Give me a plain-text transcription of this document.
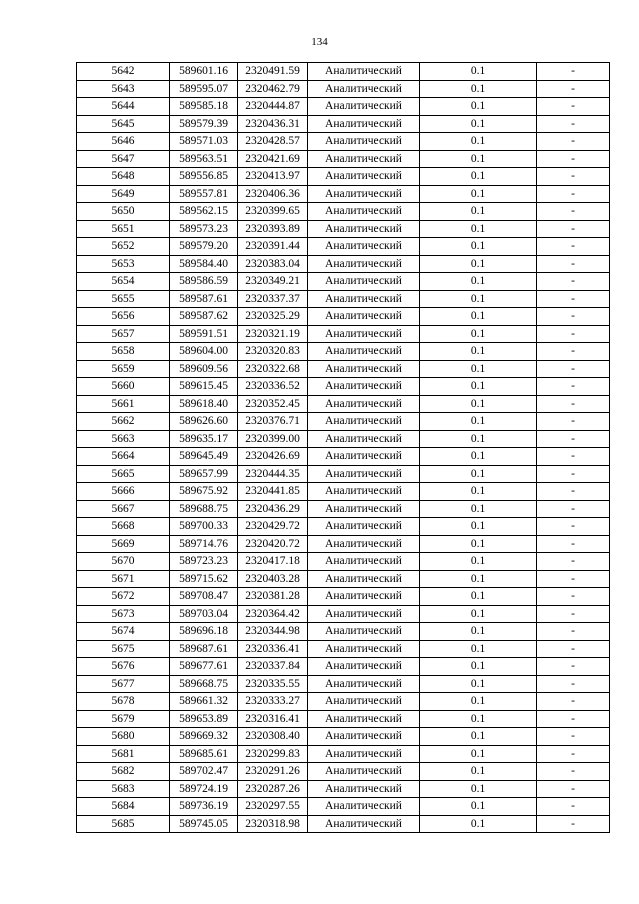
134
5642	589601.16	2320491.59	Аналитический	0.1	-
5643	589595.07	2320462.79	Аналитический	0.1	-
5644	589585.18	2320444.87	Аналитический	0.1	-
5645	589579.39	2320436.31	Аналитический	0.1	-
5646	589571.03	2320428.57	Аналитический	0.1	-
5647	589563.51	2320421.69	Аналитический	0.1	-
5648	589556.85	2320413.97	Аналитический	0.1	-
5649	589557.81	2320406.36	Аналитический	0.1	-
5650	589562.15	2320399.65	Аналитический	0.1	-
5651	589573.23	2320393.89	Аналитический	0.1	-
5652	589579.20	2320391.44	Аналитический	0.1	-
5653	589584.40	2320383.04	Аналитический	0.1	-
5654	589586.59	2320349.21	Аналитический	0.1	-
5655	589587.61	2320337.37	Аналитический	0.1	-
5656	589587.62	2320325.29	Аналитический	0.1	-
5657	589591.51	2320321.19	Аналитический	0.1	-
5658	589604.00	2320320.83	Аналитический	0.1	-
5659	589609.56	2320322.68	Аналитический	0.1	-
5660	589615.45	2320336.52	Аналитический	0.1	-
5661	589618.40	2320352.45	Аналитический	0.1	-
5662	589626.60	2320376.71	Аналитический	0.1	-
5663	589635.17	2320399.00	Аналитический	0.1	-
5664	589645.49	2320426.69	Аналитический	0.1	-
5665	589657.99	2320444.35	Аналитический	0.1	-
5666	589675.92	2320441.85	Аналитический	0.1	-
5667	589688.75	2320436.29	Аналитический	0.1	-
5668	589700.33	2320429.72	Аналитический	0.1	-
5669	589714.76	2320420.72	Аналитический	0.1	-
5670	589723.23	2320417.18	Аналитический	0.1	-
5671	589715.62	2320403.28	Аналитический	0.1	-
5672	589708.47	2320381.28	Аналитический	0.1	-
5673	589703.04	2320364.42	Аналитический	0.1	-
5674	589696.18	2320344.98	Аналитический	0.1	-
5675	589687.61	2320336.41	Аналитический	0.1	-
5676	589677.61	2320337.84	Аналитический	0.1	-
5677	589668.75	2320335.55	Аналитический	0.1	-
5678	589661.32	2320333.27	Аналитический	0.1	-
5679	589653.89	2320316.41	Аналитический	0.1	-
5680	589669.32	2320308.40	Аналитический	0.1	-
5681	589685.61	2320299.83	Аналитический	0.1	-
5682	589702.47	2320291.26	Аналитический	0.1	-
5683	589724.19	2320287.26	Аналитический	0.1	-
5684	589736.19	2320297.55	Аналитический	0.1	-
5685	589745.05	2320318.98	Аналитический	0.1	-
